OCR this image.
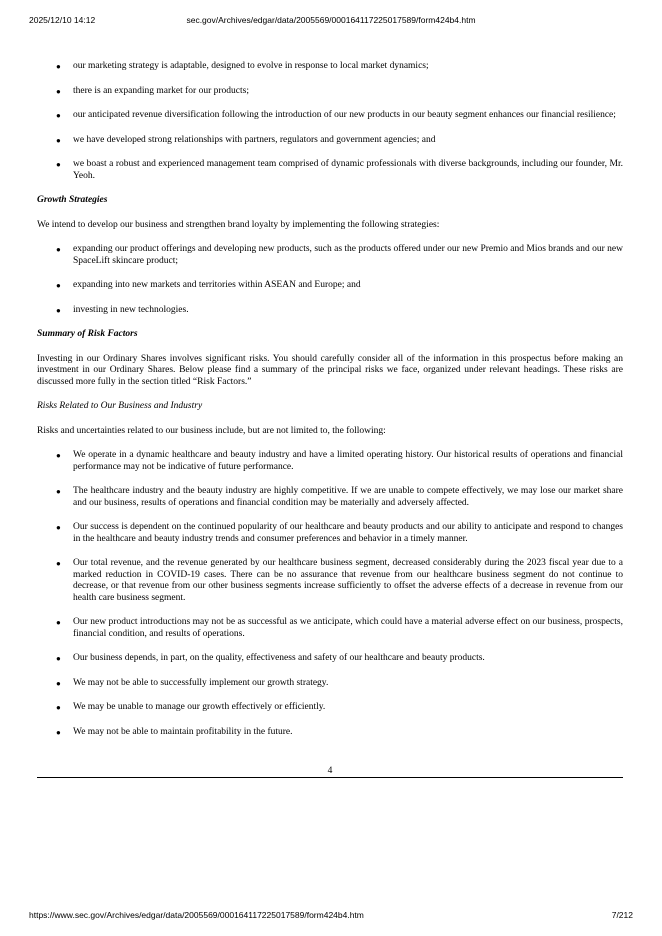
sec.gov/Archives/edgar/data/2005569/000164117225017589/form424b4.htm
2025/12/10 14:12
● our marketing strategy is adaptable, designed to evolve in response to local market dynamics;
● there is an expanding market for our products;
● our anticipated revenue diversification following the introduction of our new products in our beauty segment enhances our financial resilience;
● we have developed strong relationships with partners, regulators and government agencies; and
● we boast a robust and experienced management team comprised of dynamic professionals with diverse backgrounds, including our founder, Mr. Yeoh.

Growth Strategies

We intend to develop our business and strengthen brand loyalty by implementing the following strategies:

● expanding our product offerings and developing new products, such as the products offered under our new Premio and Mios brands and our new SpaceLift skincare product;
● expanding into new markets and territories within ASEAN and Europe; and
● investing in new technologies.

Summary of Risk Factors

Investing in our Ordinary Shares involves significant risks. You should carefully consider all of the information in this prospectus before making an investment in our Ordinary Shares. Below please find a summary of the principal risks we face, organized under relevant headings. These risks are discussed more fully in the section titled “Risk Factors.”

Risks Related to Our Business and Industry

Risks and uncertainties related to our business include, but are not limited to, the following:

● We operate in a dynamic healthcare and beauty industry and have a limited operating history. Our historical results of operations and financial performance may not be indicative of future performance.
● The healthcare industry and the beauty industry are highly competitive. If we are unable to compete effectively, we may lose our market share and our business, results of operations and financial condition may be materially and adversely affected.
● Our success is dependent on the continued popularity of our healthcare and beauty products and our ability to anticipate and respond to changes in the healthcare and beauty industry trends and consumer preferences and behavior in a timely manner.
● Our total revenue, and the revenue generated by our healthcare business segment, decreased considerably during the 2023 fiscal year due to a marked reduction in COVID-19 cases. There can be no assurance that revenue from our healthcare business segment do not continue to decrease, or that revenue from our other business segments increase sufficiently to offset the adverse effects of a decrease in revenue from our health care business segment.
● Our new product introductions may not be as successful as we anticipate, which could have a material adverse effect on our business, prospects, financial condition, and results of operations.
● Our business depends, in part, on the quality, effectiveness and safety of our healthcare and beauty products.
● We may not be able to successfully implement our growth strategy.
● We may be unable to manage our growth effectively or efficiently.
● We may not be able to maintain profitability in the future.
4
https://www.sec.gov/Archives/edgar/data/2005569/000164117225017589/form424b4.htm	7/212
